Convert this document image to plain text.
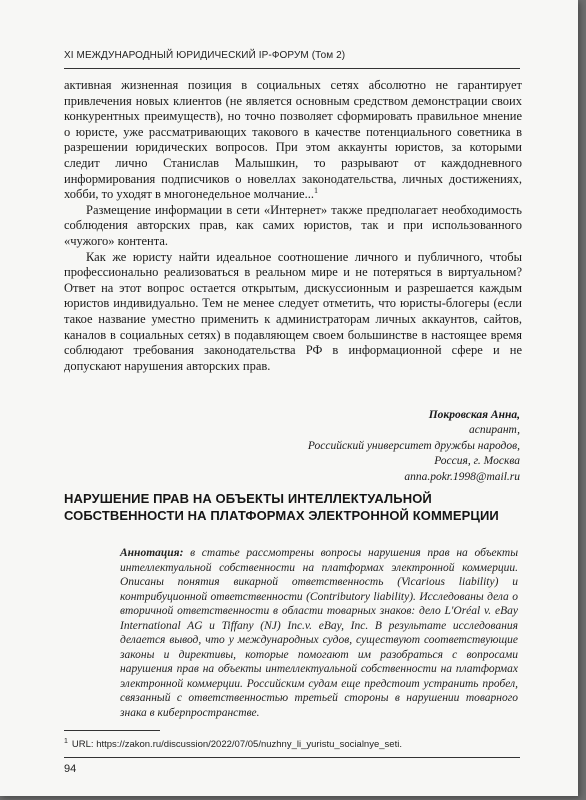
XI МЕЖДУНАРОДНЫЙ ЮРИДИЧЕСКИЙ IP-ФОРУМ (Том 2)

активная жизненная позиция в социальных сетях абсолютно не гарантирует привлечения новых клиентов (не является основным средством демонстрации своих конкурентных преимуществ), но точно позволяет сформировать правильное мнение о юристе, уже рассматривающих такового в качестве потенциального советника в разрешении юридических вопросов. При этом аккаунты юристов, за которыми следит лично Станислав Малышкин, то разрывают от каждодневного информирования подписчиков о новеллах законодательства, личных достижениях, хобби, то уходят в многонедельное молчание...$^1$

Размещение информации в сети «Интернет» также предполагает необходимость соблюдения авторских прав, как самих юристов, так и при использованного «чужого» контента.

Как же юристу найти идеальное соотношение личного и публичного, чтобы профессионально реализоваться в реальном мире и не потеряться в виртуальном? Ответ на этот вопрос остается открытым, дискуссионным и разрешается каждым юристов индивидуально. Тем не менее следует отметить, что юристы-блогеры (если такое название уместно применить к администраторам личных аккаунтов, сайтов, каналов в социальных сетях) в подавляющем своем большинстве в настоящее время соблюдают требования законодательства РФ в информационной сфере и не допускают нарушения авторских прав.

Покровская Анна,
аспирант,
Российский университет дружбы народов,
Россия, г. Москва
anna.pokr.1998@mail.ru
НАРУШЕНИЕ ПРАВ НА ОБЪЕКТЫ ИНТЕЛЛЕКТУАЛЬНОЙ
СОБСТВЕННОСТИ НА ПЛАТФОРМАХ ЭЛЕКТРОННОЙ КОММЕРЦИИ
Аннотация: в статье рассмотрены вопросы нарушения прав на объекты интеллектуальной собственности на платформах электронной коммерции. Описаны понятия викарной ответственность (Vicarious liability) и контрибуционной ответственности (Contributory liability). Исследованы дела о вторичной ответственности в области товарных знаков: дело L'Oréal v. eBay International AG и Tiffany (NJ) Inc.v. eBay, Inc. В результате исследования делается вывод, что у международных судов, существуют соответствующие законы и директивы, которые помогают им разобраться с вопросами нарушения прав на объекты интеллектуальной собственности на платформах электронной коммерции. Российским судам еще предстоит устранить пробел, связанный с ответственностью третьей стороны в нарушении товарного знака в киберпространстве.
$^1$ URL: https://zakon.ru/discussion/2022/07/05/nuzhny_li_yuristu_socialnye_seti.
94
